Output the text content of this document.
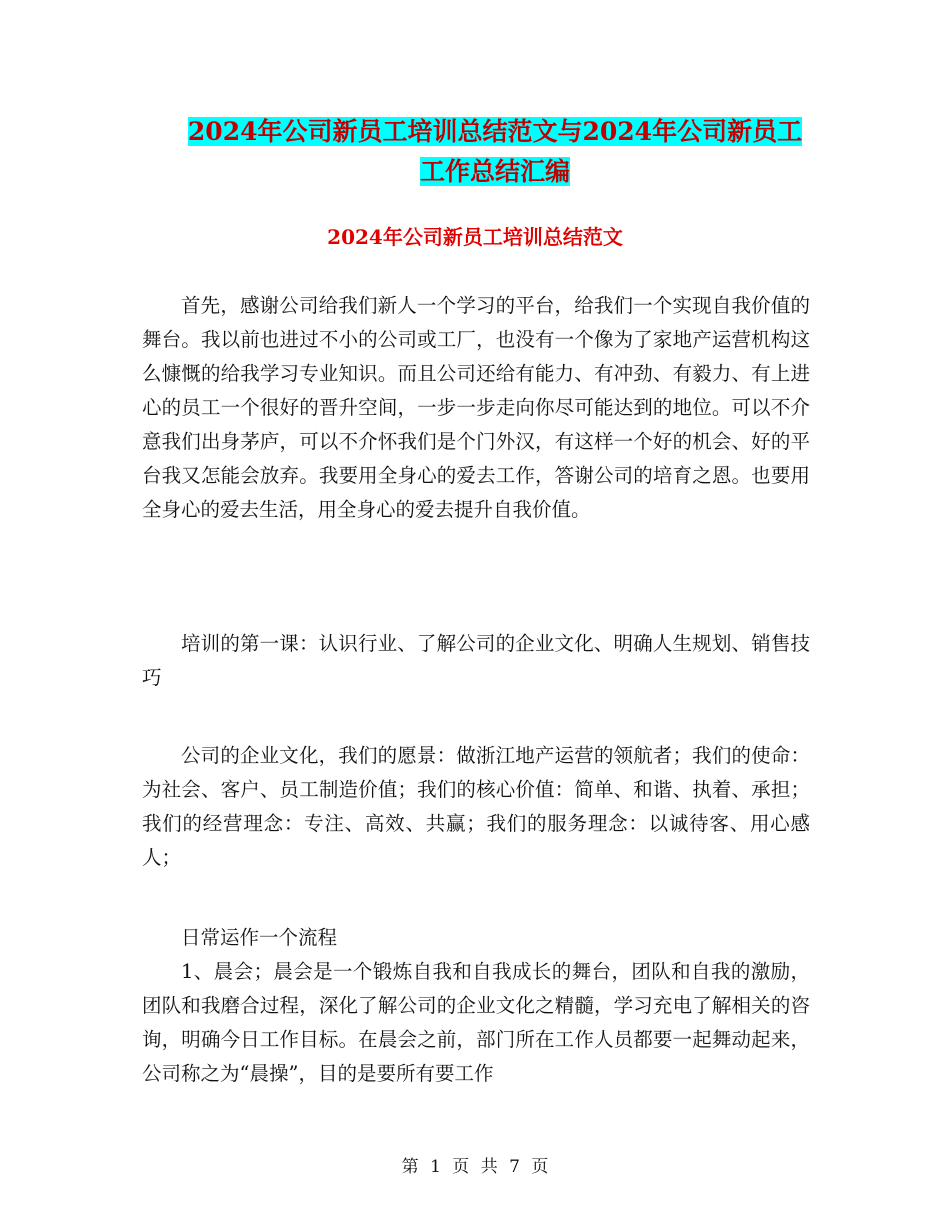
2024年公司新员工培训总结范文与2024年公司新员工
工作总结汇编
2024年公司新员工培训总结范文

首先，感谢公司给我们新人一个学习的平台，给我们一个实现自我价值的舞台。我以前也进过不小的公司或工厂，也没有一个像为了家地产运营机构这么慷慨的给我学习专业知识。而且公司还给有能力、有冲劲、有毅力、有上进心的员工一个很好的晋升空间，一步一步走向你尽可能达到的地位。可以不介意我们出身茅庐，可以不介怀我们是个门外汉，有这样一个好的机会、好的平台我又怎能会放弃。我要用全身心的爱去工作，答谢公司的培育之恩。也要用全身心的爱去生活，用全身心的爱去提升自我价值。

培训的第一课：认识行业、了解公司的企业文化、明确人生规划、销售技巧

公司的企业文化，我们的愿景：做浙江地产运营的领航者；我们的使命：为社会、客户、员工制造价值；我们的核心价值：简单、和谐、执着、承担；我们的经营理念：专注、高效、共赢；我们的服务理念：以诚待客、用心感人；

日常运作一个流程

1、晨会；晨会是一个锻炼自我和自我成长的舞台，团队和自我的激励，团队和我磨合过程，深化了解公司的企业文化之精髓，学习充电了解相关的咨询，明确今日工作目标。在晨会之前，部门所在工作人员都要一起舞动起来，公司称之为“晨操”，目的是要所有要工作

第 1 页 共 7 页
